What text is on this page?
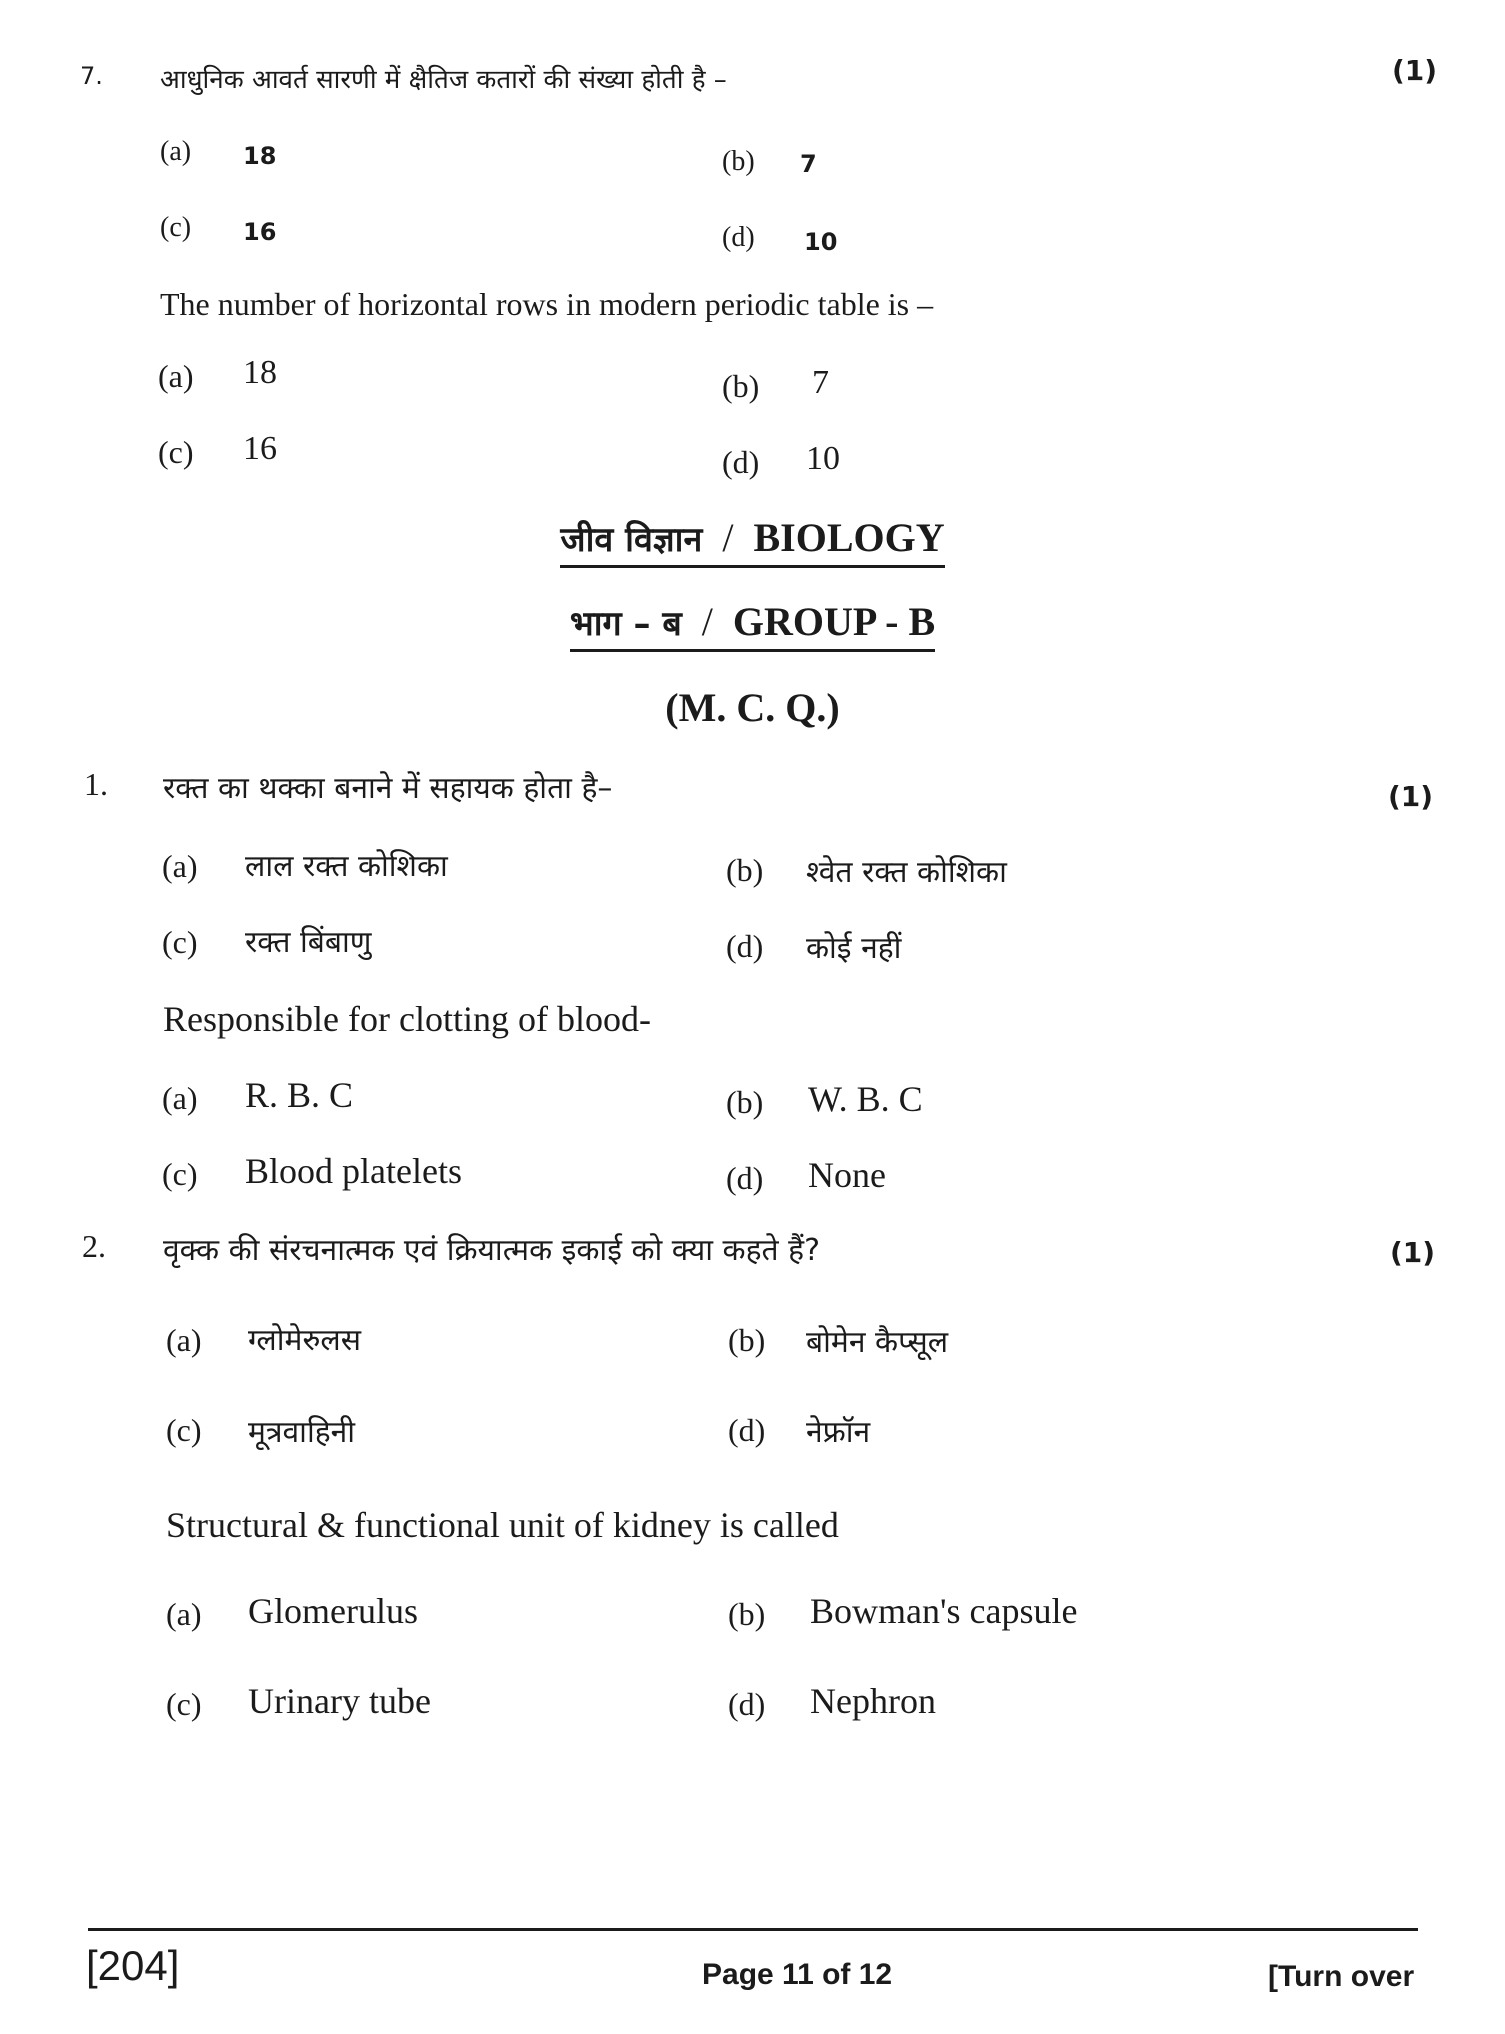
7. आधुनिक आवर्त सारणी में क्षैतिज कतारों की संख्या होती है –	(1)
(a) 18	(b) 7
(c) 16	(d) 10
The number of horizontal rows in modern periodic table is –
(a) 18	(b) 7
(c) 16	(d) 10
जीव विज्ञान / BIOLOGY
भाग – ब / GROUP - B
(M. C. Q.)
1. रक्त का थक्का बनाने में सहायक होता है–	(1)
(a) लाल रक्त कोशिका	(b) श्वेत रक्त कोशिका
(c) रक्त बिंबाणु	(d) कोई नहीं
Responsible for clotting of blood-
(a) R. B. C	(b) W. B. C
(c) Blood platelets	(d) None
2. वृक्क की संरचनात्मक एवं क्रियात्मक इकाई को क्या कहते हैं?	(1)
(a) ग्लोमेरुलस	(b) बोमेन कैप्सूल
(c) मूत्रवाहिनी	(d) नेफ्रॉन
Structural & functional unit of kidney is called
(a) Glomerulus	(b) Bowman's capsule
(c) Urinary tube	(d) Nephron
[204]	Page 11 of 12	[Turn over
